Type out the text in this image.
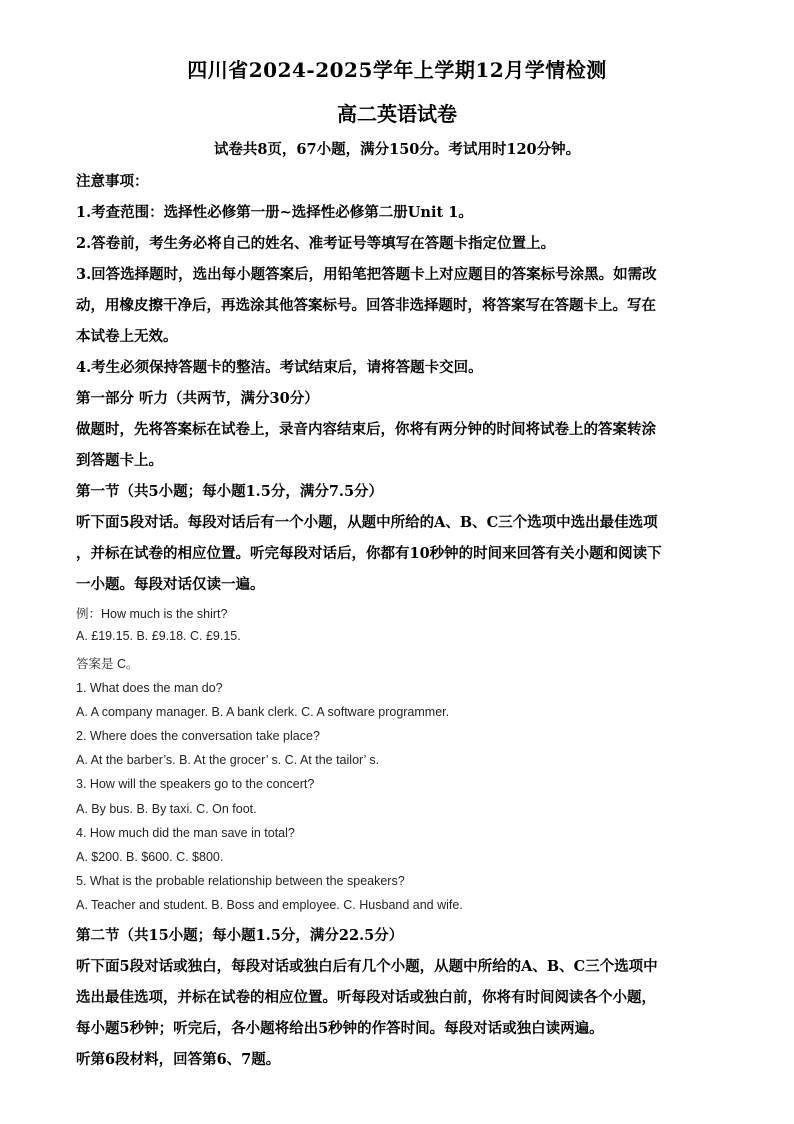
四川省2024-2025学年上学期12月学情检测
高二英语试卷
试卷共8页，67小题，满分150分。考试用时120分钟。
注意事项：
1.考查范围：选择性必修第一册~选择性必修第二册Unit 1。
2.答卷前，考生务必将自己的姓名、准考证号等填写在答题卡指定位置上。
3.回答选择题时，选出每小题答案后，用铅笔把答题卡上对应题目的答案标号涂黑。如需改
动，用橡皮擦干净后，再选涂其他答案标号。回答非选择题时，将答案写在答题卡上。写在
本试卷上无效。
4.考生必须保持答题卡的整洁。考试结束后，请将答题卡交回。
第一部分 听力（共两节，满分30分）
做题时，先将答案标在试卷上，录音内容结束后，你将有两分钟的时间将试卷上的答案转涂
到答题卡上。
第一节（共5小题；每小题1.5分，满分7.5分）
听下面5段对话。每段对话后有一个小题，从题中所给的A、B、C三个选项中选出最佳选项
，并标在试卷的相应位置。听完每段对话后，你都有10秒钟的时间来回答有关小题和阅读下
一小题。每段对话仅读一遍。
例：How much is the shirt?
A. £19.15. B. £9.18. C. £9.15.
答案是 C。
1. What does the man do?
A. A company manager. B. A bank clerk. C. A software programmer.
2. Where does the conversation take place?
A. At the barber’s. B. At the grocer’ s. C. At the tailor’ s.
3. How will the speakers go to the concert?
A. By bus. B. By taxi. C. On foot.
4. How much did the man save in total?
A. $200. B. $600. C. $800.
5. What is the probable relationship between the speakers?
A. Teacher and student. B. Boss and employee. C. Husband and wife.
第二节（共15小题；每小题1.5分，满分22.5分）
听下面5段对话或独白，每段对话或独白后有几个小题，从题中所给的A、B、C三个选项中
选出最佳选项，并标在试卷的相应位置。听每段对话或独白前，你将有时间阅读各个小题，
每小题5秒钟；听完后，各小题将给出5秒钟的作答时间。每段对话或独白读两遍。
听第6段材料，回答第6、7题。
